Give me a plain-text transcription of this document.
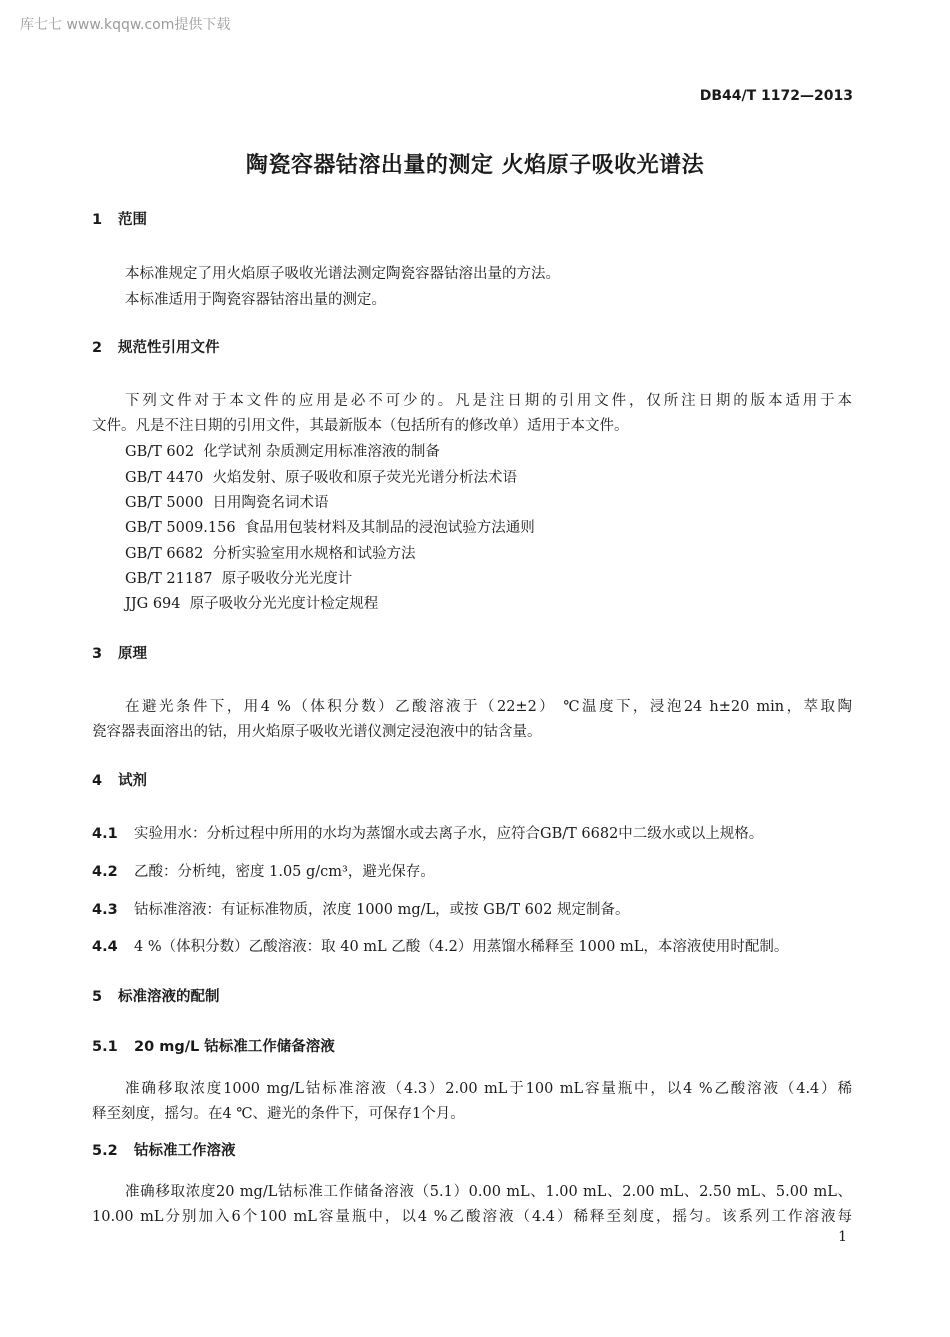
库七七 www.kqqw.com提供下载
DB44/T 1172—2013
陶瓷容器钴溶出量的测定 火焰原子吸收光谱法
1 范围
本标准规定了用火焰原子吸收光谱法测定陶瓷容器钴溶出量的方法。
本标准适用于陶瓷容器钴溶出量的测定。
2 规范性引用文件
下列文件对于本文件的应用是必不可少的。凡是注日期的引用文件，仅所注日期的版本适用于本
文件。凡是不注日期的引用文件，其最新版本（包括所有的修改单）适用于本文件。
GB/T 602 化学试剂 杂质测定用标准溶液的制备
GB/T 4470 火焰发射、原子吸收和原子荧光光谱分析法术语
GB/T 5000 日用陶瓷名词术语
GB/T 5009.156 食品用包装材料及其制品的浸泡试验方法通则
GB/T 6682 分析实验室用水规格和试验方法
GB/T 21187 原子吸收分光光度计
JJG 694 原子吸收分光光度计检定规程
3 原理
在避光条件下，用4 %（体积分数）乙酸溶液于（22±2） ℃温度下，浸泡24 h±20 min，萃取陶
瓷容器表面溶出的钴，用火焰原子吸收光谱仪测定浸泡液中的钴含量。
4 试剂
4.1 实验用水：分析过程中所用的水均为蒸馏水或去离子水，应符合GB/T 6682中二级水或以上规格。
4.2 乙酸：分析纯，密度 1.05 g/cm³，避光保存。
4.3 钴标准溶液：有证标准物质，浓度 1000 mg/L，或按 GB/T 602 规定制备。
4.4 4 %（体积分数）乙酸溶液：取 40 mL 乙酸（4.2）用蒸馏水稀释至 1000 mL，本溶液使用时配制。
5 标准溶液的配制
5.1 20 mg/L 钴标准工作储备溶液
准确移取浓度1000 mg/L钴标准溶液（4.3）2.00 mL于100 mL容量瓶中，以4 %乙酸溶液（4.4）稀
释至刻度，摇匀。在4 ℃、避光的条件下，可保存1个月。
5.2 钴标准工作溶液
准确移取浓度20 mg/L钴标准工作储备溶液（5.1）0.00 mL、1.00 mL、2.00 mL、2.50 mL、5.00 mL、
10.00 mL分别加入6个100 mL容量瓶中，以4 %乙酸溶液（4.4）稀释至刻度，摇匀。该系列工作溶液每
1
